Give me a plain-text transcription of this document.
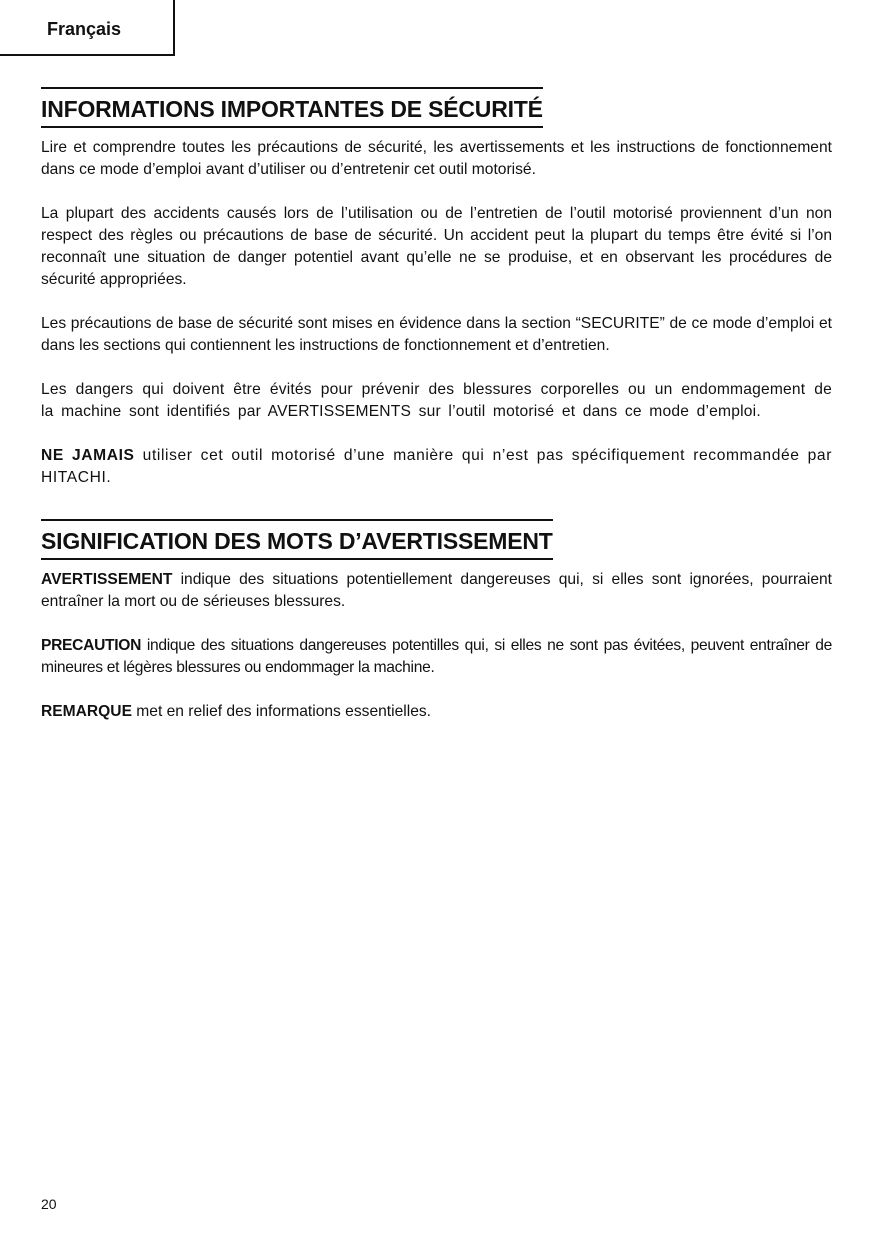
Français
INFORMATIONS IMPORTANTES DE SÉCURITÉ

Lire et comprendre toutes les précautions de sécurité, les avertissements et les instructions de fonctionnement dans ce mode d’emploi avant d’utiliser ou d’entretenir cet outil motorisé.

La plupart des accidents causés lors de l’utilisation ou de l’entretien de l’outil motorisé proviennent d’un non respect des règles ou précautions de base de sécurité. Un accident peut la plupart du temps être évité si l’on reconnaît une situation de danger potentiel avant qu’elle ne se produise, et en observant les procédures de sécurité appropriées.

Les précautions de base de sécurité sont mises en évidence dans la section “SECURITE” de ce mode d’emploi et dans les sections qui contiennent les instructions de fonctionnement et d’entretien.

Les dangers qui doivent être évités pour prévenir des blessures corporelles ou un endommagement de la machine sont identifiés par AVERTISSEMENTS sur l’outil motorisé et dans ce mode d’emploi.

NE JAMAIS utiliser cet outil motorisé d’une manière qui n’est pas spécifiquement recommandée par HITACHI.

SIGNIFICATION DES MOTS D’AVERTISSEMENT

AVERTISSEMENT indique des situations potentiellement dangereuses qui, si elles sont ignorées, pourraient entraîner la mort ou de sérieuses blessures.

PRECAUTION indique des situations dangereuses potentilles qui, si elles ne sont pas évitées, peuvent entraîner de mineures et légères blessures ou endommager la machine.

REMARQUE met en relief des informations essentielles.

20
